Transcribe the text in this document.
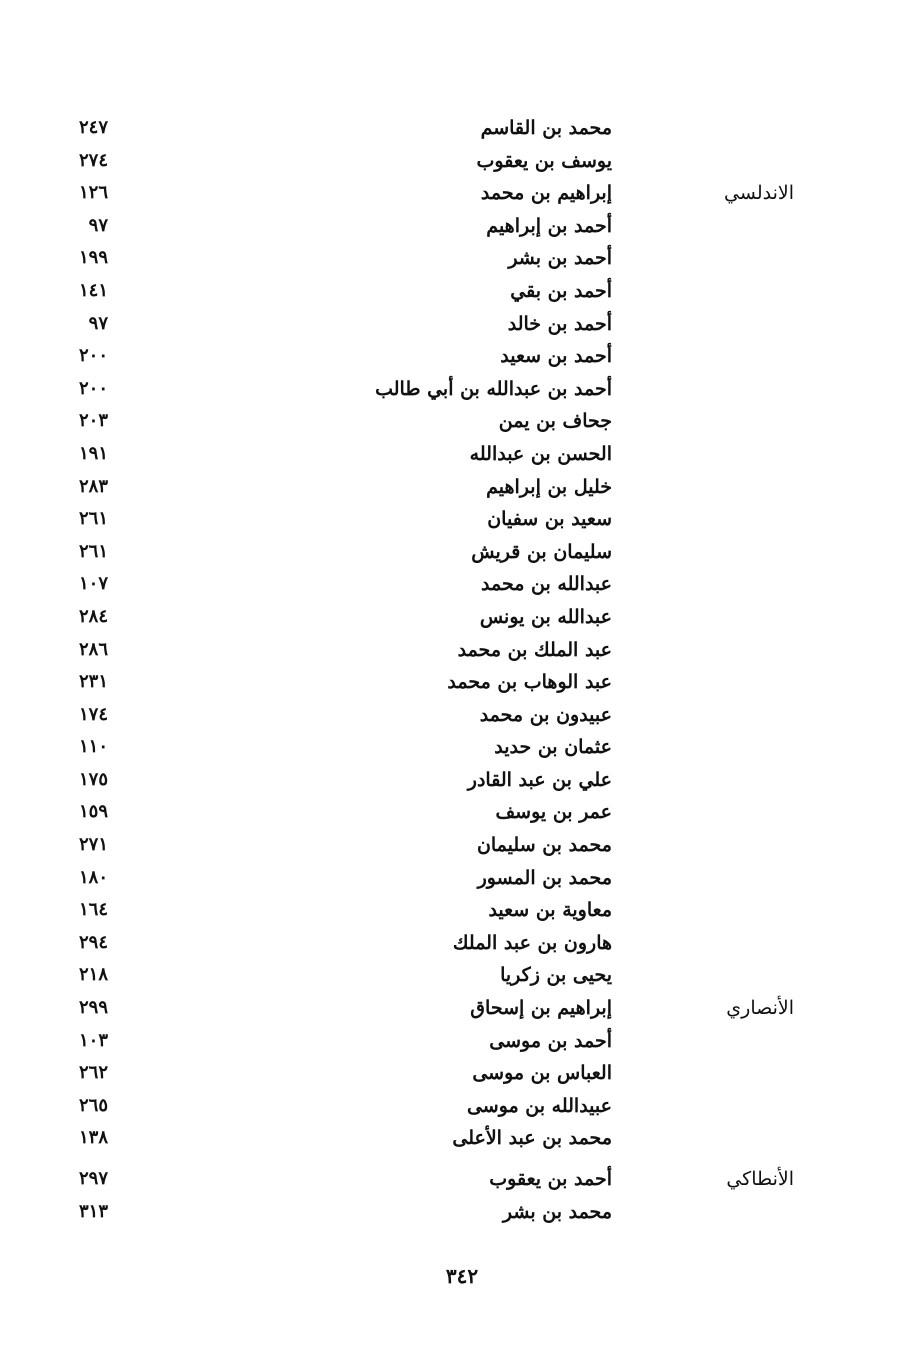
محمد بن القاسم
٢٤٧
يوسف بن يعقوب
٢٧٤
الاندلسي
إبراهيم بن محمد
١٢٦
أحمد بن إبراهيم
٩٧
أحمد بن بشر
١٩٩
أحمد بن بقي
١٤١
أحمد بن خالد
٩٧
أحمد بن سعيد
٢٠٠
أحمد بن عبدالله بن أبي طالب
٢٠٠
جحاف بن يمن
٢٠٣
الحسن بن عبدالله
١٩١
خليل بن إبراهيم
٢٨٣
سعيد بن سفيان
٢٦١
سليمان بن قريش
٢٦١
عبدالله بن محمد
١٠٧
عبدالله بن يونس
٢٨٤
عبد الملك بن محمد
٢٨٦
عبد الوهاب بن محمد
٢٣١
عبيدون بن محمد
١٧٤
عثمان بن حديد
١١٠
علي بن عبد القادر
١٧٥
عمر بن يوسف
١٥٩
محمد بن سليمان
٢٧١
محمد بن المسور
١٨٠
معاوية بن سعيد
١٦٤
هارون بن عبد الملك
٢٩٤
يحيى بن زكريا
٢١٨
الأنصاري
إبراهيم بن إسحاق
٢٩٩
أحمد بن موسى
١٠٣
العباس بن موسى
٢٦٢
عبيدالله بن موسى
٢٦٥
محمد بن عبد الأعلى
١٣٨
الأنطاكي
أحمد بن يعقوب
٢٩٧
محمد بن بشر
٣١٣
٣٤٢
